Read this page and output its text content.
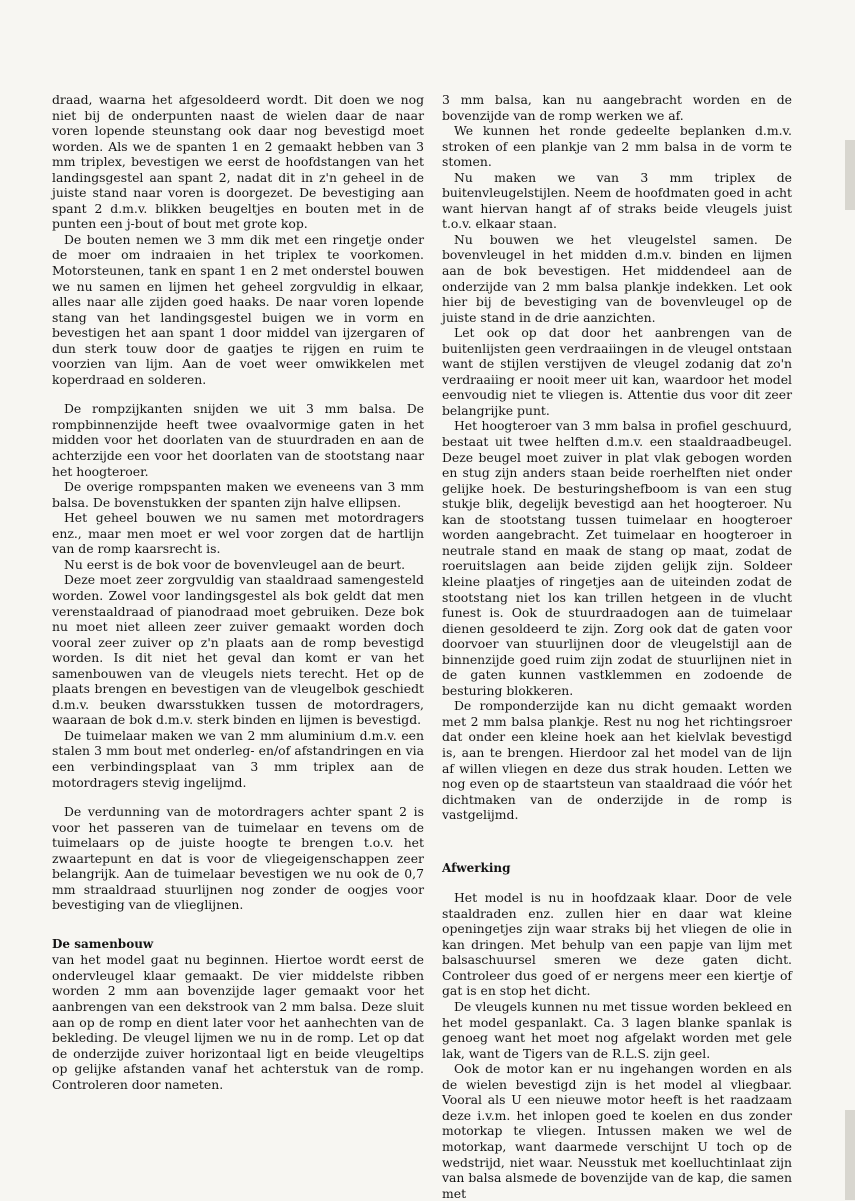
draad, waarna het afgesoldeerd wordt. Dit doen we nog niet bij de onderpunten naast de wielen daar de naar voren lopende steunstang ook daar nog bevestigd moet worden. Als we de spanten 1 en 2 gemaakt hebben van 3 mm triplex, bevestigen we eerst de hoofdstangen van het landingsgestel aan spant 2, nadat dit in z'n geheel in de juiste stand naar voren is doorgezet. De bevestiging aan spant 2 d.m.v. blikken beugeltjes en bouten met in de punten een j-bout of bout met grote kop.

De bouten nemen we 3 mm dik met een ringetje onder de moer om indraaien in het triplex te voorkomen. Motorsteunen, tank en spant 1 en 2 met onderstel bouwen we nu samen en lijmen het geheel zorgvuldig in elkaar, alles naar alle zijden goed haaks. De naar voren lopende stang van het landingsgestel buigen we in vorm en bevestigen het aan spant 1 door middel van ijzergaren of dun sterk touw door de gaatjes te rijgen en ruim te voorzien van lijm. Aan de voet weer omwikkelen met koperdraad en solderen.

De rompzijkanten snijden we uit 3 mm balsa. De rompbinnenzijde heeft twee ovaalvormige gaten in het midden voor het doorlaten van de stuurdraden en aan de achterzijde een voor het doorlaten van de stootstang naar het hoogteroer.

De overige rompspanten maken we eveneens van 3 mm balsa. De bovenstukken der spanten zijn halve ellipsen.

Het geheel bouwen we nu samen met motordragers enz., maar men moet er wel voor zorgen dat de hartlijn van de romp kaarsrecht is.

Nu eerst is de bok voor de bovenvleugel aan de beurt.

Deze moet zeer zorgvuldig van staaldraad samengesteld worden. Zowel voor landingsgestel als bok geldt dat men verenstaaldraad of pianodraad moet gebruiken. Deze bok nu moet niet alleen zeer zuiver gemaakt worden doch vooral zeer zuiver op z'n plaats aan de romp bevestigd worden. Is dit niet het geval dan komt er van het samenbouwen van de vleugels niets terecht. Het op de plaats brengen en bevestigen van de vleugelbok geschiedt d.m.v. beuken dwarsstukken tussen de motordragers, waaraan de bok d.m.v. sterk binden en lijmen is bevestigd.

De tuimelaar maken we van 2 mm aluminium d.m.v. een stalen 3 mm bout met onderleg- en/of afstandringen en via een verbindingsplaat van 3 mm triplex aan de motordragers stevig ingelijmd.

De verdunning van de motordragers achter spant 2 is voor het passeren van de tuimelaar en tevens om de tuimelaars op de juiste hoogte te brengen t.o.v. het zwaartepunt en dat is voor de vliegeigenschappen zeer belangrijk. Aan de tuimelaar bevestigen we nu ook de 0,7 mm straaldraad stuurlijnen nog zonder de oogjes voor bevestiging van de vlieglijnen.

De samenbouw

van het model gaat nu beginnen. Hiertoe wordt eerst de ondervleugel klaar gemaakt. De vier middelste ribben worden 2 mm aan bovenzijde lager gemaakt voor het aanbrengen van een dekstrook van 2 mm balsa. Deze sluit aan op de romp en dient later voor het aanhechten van de bekleding. De vleugel lijmen we nu in de romp. Let op dat de onderzijde zuiver horizontaal ligt en beide vleugeltips op gelijke afstanden vanaf het achterstuk van de romp. Controleren door nameten.

3 mm balsa, kan nu aangebracht worden en de bovenzijde van de romp werken we af.

We kunnen het ronde gedeelte beplanken d.m.v. stroken of een plankje van 2 mm balsa in de vorm te stomen.

Nu maken we van 3 mm triplex de buitenvleugelstijlen. Neem de hoofdmaten goed in acht want hiervan hangt af of straks beide vleugels juist t.o.v. elkaar staan.

Nu bouwen we het vleugelstel samen. De bovenvleugel in het midden d.m.v. binden en lijmen aan de bok bevestigen. Het middendeel aan de onderzijde van 2 mm balsa plankje indekken. Let ook hier bij de bevestiging van de bovenvleugel op de juiste stand in de drie aanzichten.

Let ook op dat door het aanbrengen van de buitenlijsten geen verdraaiingen in de vleugel ontstaan want de stijlen verstijven de vleugel zodanig dat zo'n verdraaiing er nooit meer uit kan, waardoor het model eenvoudig niet te vliegen is. Attentie dus voor dit zeer belangrijke punt.

Het hoogteroer van 3 mm balsa in profiel geschuurd, bestaat uit twee helften d.m.v. een staaldraadbeugel. Deze beugel moet zuiver in plat vlak gebogen worden en stug zijn anders staan beide roerhelften niet onder gelijke hoek. De besturingshefboom is van een stug stukje blik, degelijk bevestigd aan het hoogteroer. Nu kan de stootstang tussen tuimelaar en hoogteroer worden aangebracht. Zet tuimelaar en hoogteroer in neutrale stand en maak de stang op maat, zodat de roeruitslagen aan beide zijden gelijk zijn. Soldeer kleine plaatjes of ringetjes aan de uiteinden zodat de stootstang niet los kan trillen hetgeen in de vlucht funest is. Ook de stuurdraadogen aan de tuimelaar dienen gesoldeerd te zijn. Zorg ook dat de gaten voor doorvoer van stuurlijnen door de vleugelstijl aan de binnenzijde goed ruim zijn zodat de stuurlijnen niet in de gaten kunnen vastklemmen en zodoende de besturing blokkeren.

De romponderzijde kan nu dicht gemaakt worden met 2 mm balsa plankje. Rest nu nog het richtingsroer dat onder een kleine hoek aan het kielvlak bevestigd is, aan te brengen. Hierdoor zal het model van de lijn af willen vliegen en deze dus strak houden. Letten we nog even op de staartsteun van staaldraad die vóór het dichtmaken van de onderzijde in de romp is vastgelijmd.

Afwerking

Het model is nu in hoofdzaak klaar. Door de vele staaldraden enz. zullen hier en daar wat kleine openingetjes zijn waar straks bij het vliegen de olie in kan dringen. Met behulp van een papje van lijm met balsaschuursel smeren we deze gaten dicht. Controleer dus goed of er nergens meer een kiertje of gat is en stop het dicht.

De vleugels kunnen nu met tissue worden bekleed en het model gespanlakt. Ca. 3 lagen blanke spanlak is genoeg want het moet nog afgelakt worden met gele lak, want de Tigers van de R.L.S. zijn geel.

Ook de motor kan er nu ingehangen worden en als de wielen bevestigd zijn is het model al vliegbaar. Vooral als U een nieuwe motor heeft is het raadzaam deze i.v.m. het inlopen goed te koelen en dus zonder motorkap te vliegen. Intussen maken we wel de motorkap, want daarmede verschijnt U toch op de wedstrijd, niet waar. Neusstuk met koelluchtinlaat zijn van balsa alsmede de bovenzijde van de kap, die samen met
